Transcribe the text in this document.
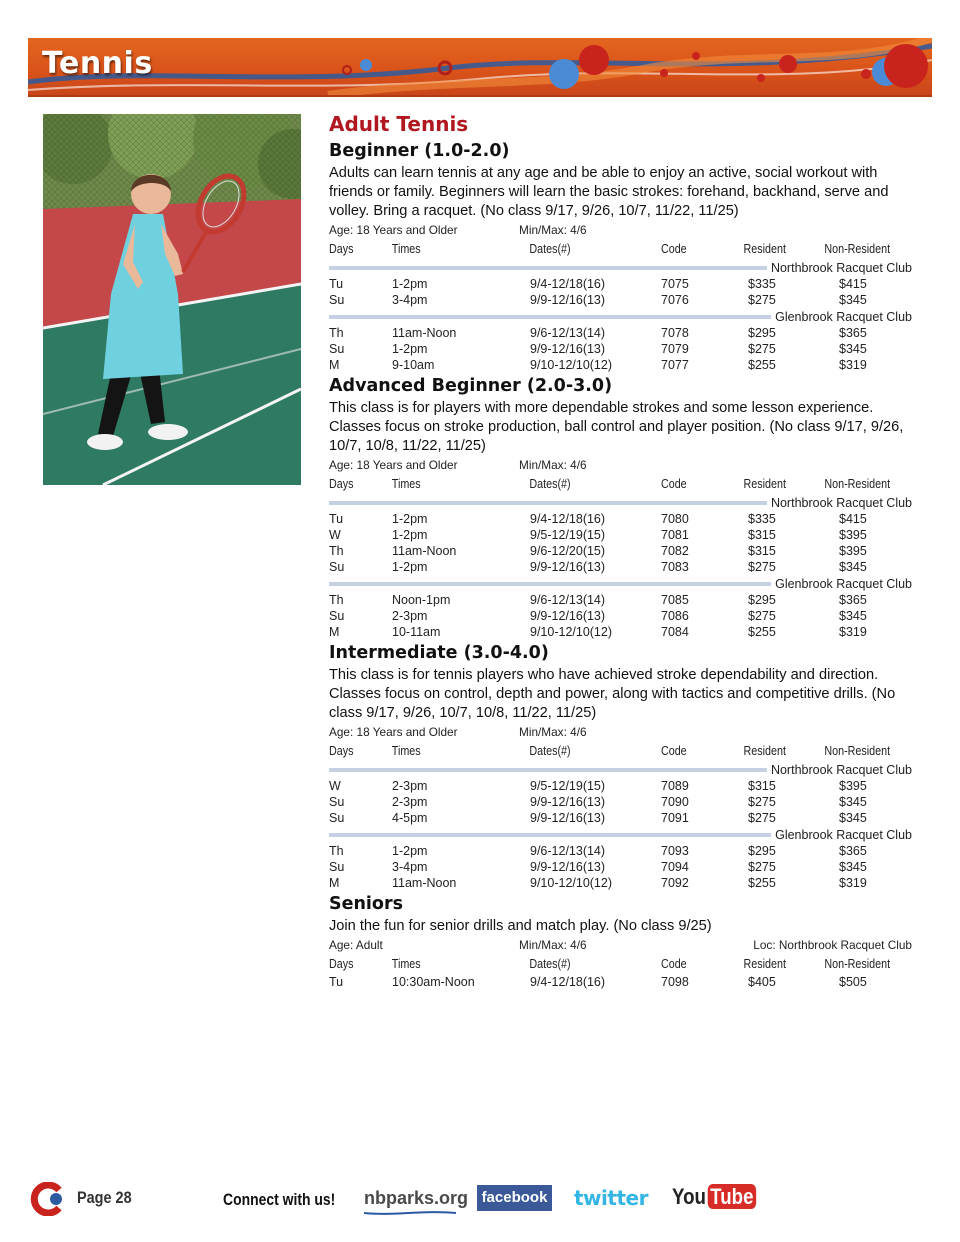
Tennis
Adult Tennis
Beginner (1.0-2.0)

Adults can learn tennis at any age and be able to enjoy an active, social workout with friends or family. Beginners will learn the basic strokes: forehand, backhand, serve and volley. Bring a racquet. (No class 9/17, 9/26, 10/7, 11/22, 11/25)

Age: 18 Years and Older	Min/Max: 4/6
Days	Times	Dates(#)	Code	Resident	Non-Resident
Northbrook Racquet Club
Tu	1-2pm	9/4-12/18(16)	7075	$335	$415
Su	3-4pm	9/9-12/16(13)	7076	$275	$345
Glenbrook Racquet Club
Th	11am-Noon	9/6-12/13(14)	7078	$295	$365
Su	1-2pm	9/9-12/16(13)	7079	$275	$345
M	9-10am	9/10-12/10(12)	7077	$255	$319
Advanced Beginner (2.0-3.0)

This class is for players with more dependable strokes and some lesson experience. Classes focus on stroke production, ball control and player position. (No class 9/17, 9/26, 10/7, 10/8, 11/22, 11/25)

Age: 18 Years and Older	Min/Max: 4/6
Days	Times	Dates(#)	Code	Resident	Non-Resident
Northbrook Racquet Club
Tu	1-2pm	9/4-12/18(16)	7080	$335	$415
W	1-2pm	9/5-12/19(15)	7081	$315	$395
Th	11am-Noon	9/6-12/20(15)	7082	$315	$395
Su	1-2pm	9/9-12/16(13)	7083	$275	$345
Glenbrook Racquet Club
Th	Noon-1pm	9/6-12/13(14)	7085	$295	$365
Su	2-3pm	9/9-12/16(13)	7086	$275	$345
M	10-11am	9/10-12/10(12)	7084	$255	$319
Intermediate (3.0-4.0)

This class is for tennis players who have achieved stroke dependability and direction. Classes focus on control, depth and power, along with tactics and competitive drills. (No class 9/17, 9/26, 10/7, 10/8, 11/22, 11/25)

Age: 18 Years and Older	Min/Max: 4/6
Days	Times	Dates(#)	Code	Resident	Non-Resident
Northbrook Racquet Club
W	2-3pm	9/5-12/19(15)	7089	$315	$395
Su	2-3pm	9/9-12/16(13)	7090	$275	$345
Su	4-5pm	9/9-12/16(13)	7091	$275	$345
Glenbrook Racquet Club
Th	1-2pm	9/6-12/13(14)	7093	$295	$365
Su	3-4pm	9/9-12/16(13)	7094	$275	$345
M	11am-Noon	9/10-12/10(12)	7092	$255	$319
Seniors

Join the fun for senior drills and match play. (No class 9/25)

Age: Adult	Min/Max: 4/6	Loc: Northbrook Racquet Club
Days	Times	Dates(#)	Code	Resident	Non-Resident
Tu	10:30am-Noon	9/4-12/18(16)	7098	$405	$505
Page 28	Connect with us! nbparks.org facebook twitter You Tube
